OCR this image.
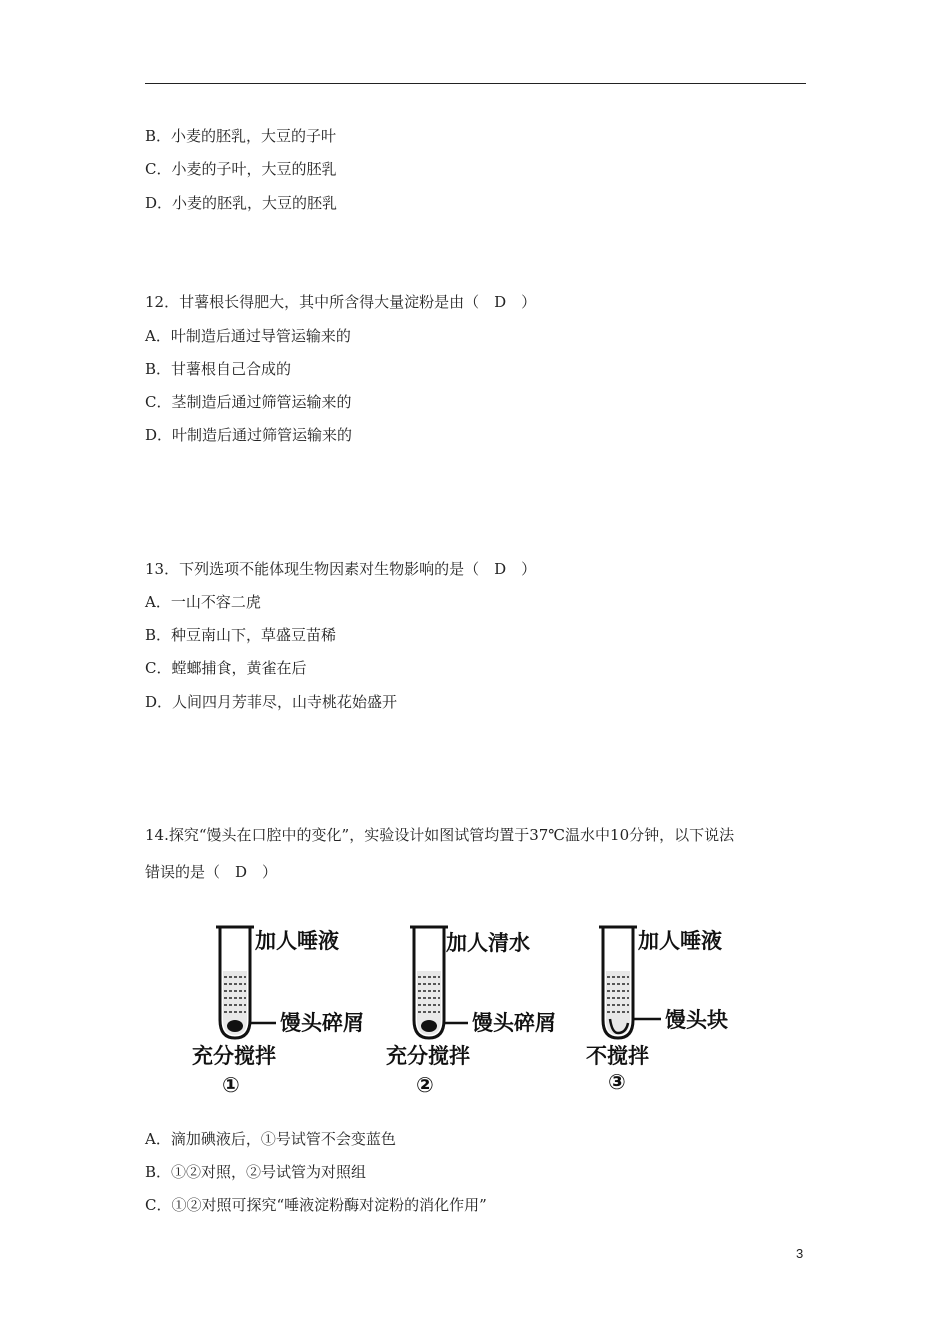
B．小麦的胚乳，大豆的子叶
C．小麦的子叶，大豆的胚乳
D．小麦的胚乳，大豆的胚乳
12．甘薯根长得肥大，其中所含得大量淀粉是由（　D　）
A．叶制造后通过导管运输来的
B．甘薯根自己合成的
C．茎制造后通过筛管运输来的
D．叶制造后通过筛管运输来的
13．下列选项不能体现生物因素对生物影响的是（　D　）
A．一山不容二虎
B．种豆南山下，草盛豆苗稀
C．螳螂捕食，黄雀在后
D．人间四月芳菲尽，山寺桃花始盛开
14.探究“馒头在口腔中的变化”，实验设计如图试管均置于37℃温水中10分钟，以下说法
错误的是（　D　）
加人唾液
馒头碎屑
充分搅拌
①
加人清水
馒头碎屑
充分搅拌
②
加人唾液
馒头块
不搅拌
③
A．滴加碘液后，①号试管不会变蓝色
B．①②对照，②号试管为对照组
C．①②对照可探究“唾液淀粉酶对淀粉的消化作用”
3
